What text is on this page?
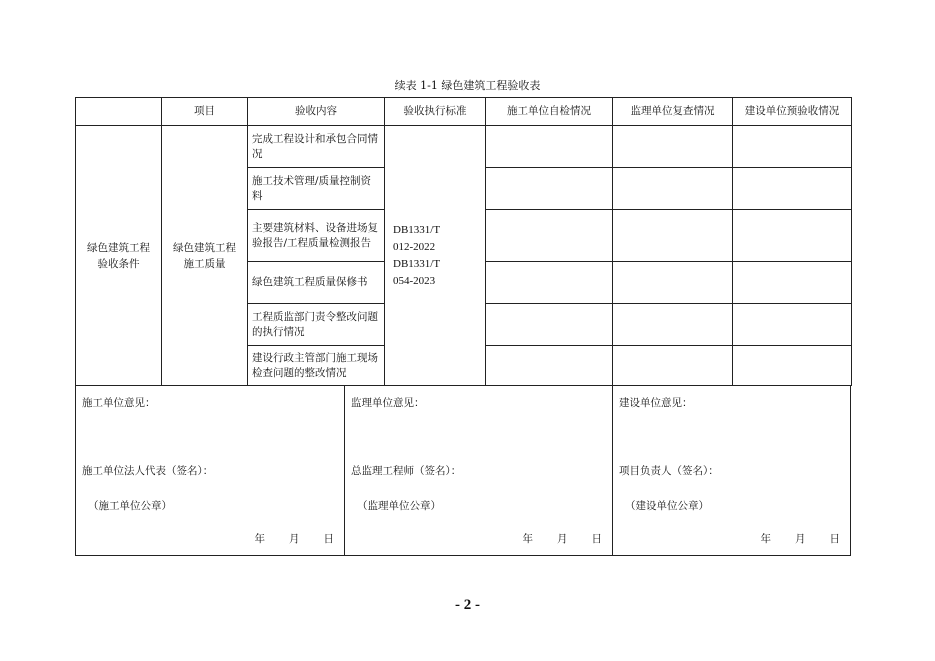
续表 1-1 绿色建筑工程验收表
	项目	验收内容	验收执行标准	施工单位自检情况	监理单位复查情况	建设单位预验收情况
绿色建筑工程验收条件	绿色建筑工程施工质量	完成工程设计和承包合同情况	DB1331/T
012-2022
DB1331/T
054-2023			

		施工技术管理/质量控制资料				
		主要建筑材料、设备进场复验报告/工程质量检测报告				
		绿色建筑工程质量保修书				
		工程质监部门责令整改问题的执行情况				
		建设行政主管部门施工现场检查问题的整改情况				
施工单位意见：
施工单位法人代表（签名）：
（施工单位公章）
年 月 日
监理单位意见：
总监理工程师（签名）：
（监理单位公章）
年 月 日
建设单位意见：
项目负责人（签名）：
（建设单位公章）
年 月 日
- 2 -
